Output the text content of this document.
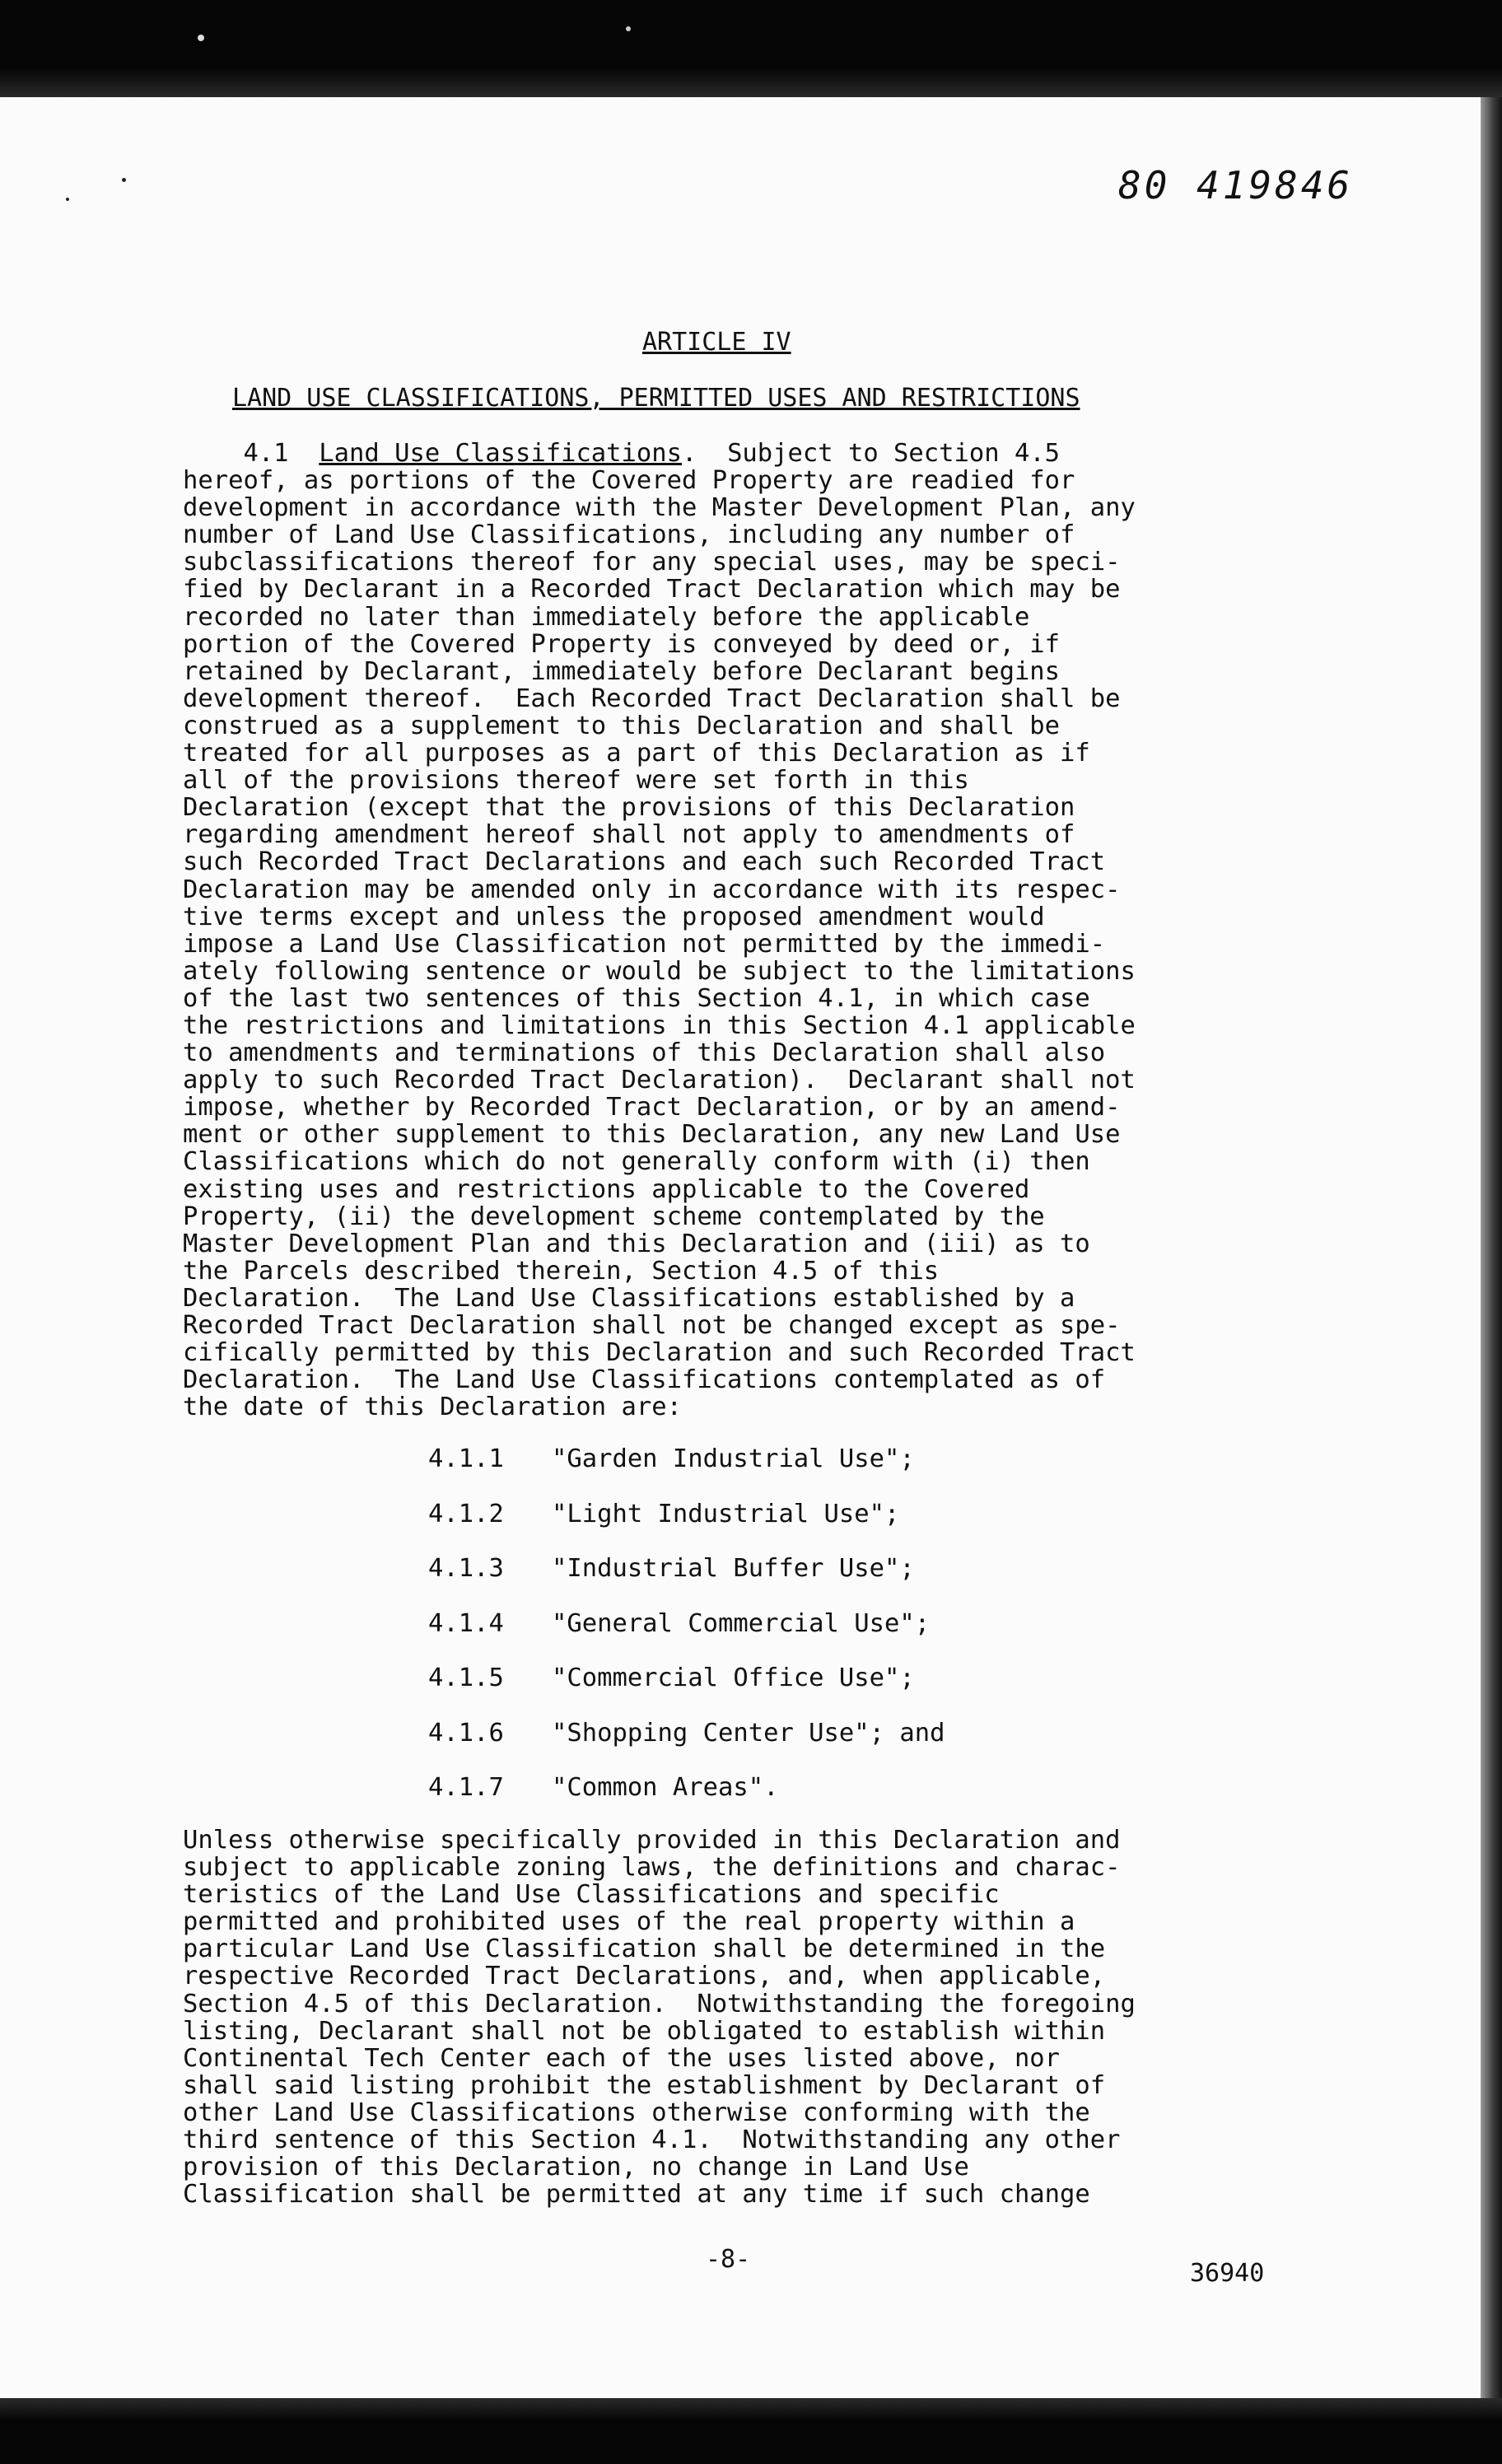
80 419846
ARTICLE IV
LAND USE CLASSIFICATIONS, PERMITTED USES AND RESTRICTIONS
4.1 Land Use Classifications.  Subject to Section 4.5
hereof, as portions of the Covered Property are readied for
development in accordance with the Master Development Plan, any
number of Land Use Classifications, including any number of
subclassifications thereof for any special uses, may be speci-
fied by Declarant in a Recorded Tract Declaration which may be
recorded no later than immediately before the applicable
portion of the Covered Property is conveyed by deed or, if
retained by Declarant, immediately before Declarant begins
development thereof.  Each Recorded Tract Declaration shall be
construed as a supplement to this Declaration and shall be
treated for all purposes as a part of this Declaration as if
all of the provisions thereof were set forth in this
Declaration (except that the provisions of this Declaration
regarding amendment hereof shall not apply to amendments of
such Recorded Tract Declarations and each such Recorded Tract
Declaration may be amended only in accordance with its respec-
tive terms except and unless the proposed amendment would
impose a Land Use Classification not permitted by the immedi-
ately following sentence or would be subject to the limitations
of the last two sentences of this Section 4.1, in which case
the restrictions and limitations in this Section 4.1 applicable
to amendments and terminations of this Declaration shall also
apply to such Recorded Tract Declaration).  Declarant shall not
impose, whether by Recorded Tract Declaration, or by an amend-
ment or other supplement to this Declaration, any new Land Use
Classifications which do not generally conform with (i) then
existing uses and restrictions applicable to the Covered
Property, (ii) the development scheme contemplated by the
Master Development Plan and this Declaration and (iii) as to
the Parcels described therein, Section 4.5 of this
Declaration.  The Land Use Classifications established by a
Recorded Tract Declaration shall not be changed except as spe-
cifically permitted by this Declaration and such Recorded Tract
Declaration.  The Land Use Classifications contemplated as of
the date of this Declaration are:
4.1.1	"Garden Industrial Use";
4.1.2	"Light Industrial Use";
4.1.3	"Industrial Buffer Use";
4.1.4	"General Commercial Use";
4.1.5	"Commercial Office Use";
4.1.6	"Shopping Center Use"; and
4.1.7	"Common Areas".
Unless otherwise specifically provided in this Declaration and
subject to applicable zoning laws, the definitions and charac-
teristics of the Land Use Classifications and specific
permitted and prohibited uses of the real property within a
particular Land Use Classification shall be determined in the
respective Recorded Tract Declarations, and, when applicable,
Section 4.5 of this Declaration.  Notwithstanding the foregoing
listing, Declarant shall not be obligated to establish within
Continental Tech Center each of the uses listed above, nor
shall said listing prohibit the establishment by Declarant of
other Land Use Classifications otherwise conforming with the
third sentence of this Section 4.1.  Notwithstanding any other
provision of this Declaration, no change in Land Use
Classification shall be permitted at any time if such change
-8-	36940
